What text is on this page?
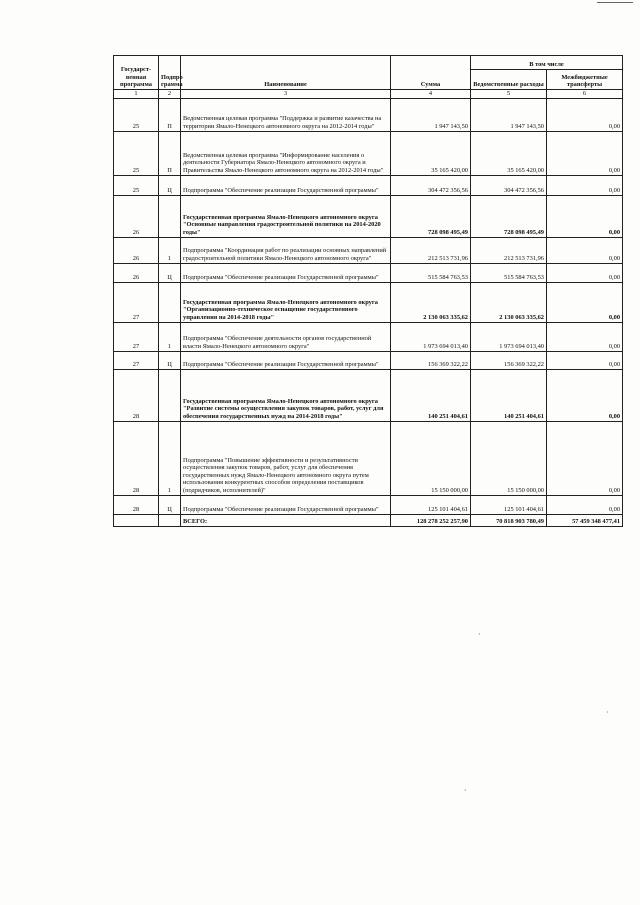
Государст-венная программа	Подпро грамма	Наименование	Сумма	В том числе	
				Ведомственные расходы	Межбюджетные трансферты
1	2	3	4	5	6
25	П	Ведомственная целевая программа "Поддержка и развитие казачества на территории Ямало-Ненецкого автономного округа на 2012-2014 годы"	1 947 143,50	1 947 143,50	0,00
25	П	Ведомственная целевая программа "Информирование населения о деятельности Губернатора Ямало-Ненецкого автономного округа и Правительства Ямало-Ненецкого автономного округа на 2012-2014 годы"	35 165 420,00	35 165 420,00	0,00
25	Ц	Подпрограмма "Обеспечение реализации Государственной программы"	304 472 356,56	304 472 356,56	0,00
26		Государственная программа Ямало-Ненецкого автономного округа "Основные направления градостроительной политики на 2014-2020 годы"	728 098 495,49	728 098 495,49	0,00
26	1	Подпрограмма "Координация работ по реализации основных направлений градостроительной политики Ямало-Ненецкого автономного округа"	212 513 731,96	212 513 731,96	0,00
26	Ц	Подпрограмма "Обеспечение реализации Государственной программы"	515 584 763,53	515 584 763,53	0,00
27		Государственная программа Ямало-Ненецкого автономного округа "Организационно-техническое оснащение государственного управления на 2014-2018 годы"	2 130 063 335,62	2 130 063 335,62	0,00
27	1	Подпрограмма "Обеспечение деятельности органов государственной власти Ямало-Ненецкого автономного округа"	1 973 694 013,40	1 973 694 013,40	0,00
27	Ц	Подпрограмма "Обеспечение реализации Государственной программы"	156 369 322,22	156 369 322,22	0,00
28		Государственная программа Ямало-Ненецкого автономного округа "Развитие системы осуществления закупок товаров, работ, услуг для обеспечения государственных нужд на 2014-2018 годы"	140 251 404,61	140 251 404,61	0,00
28	1	Подпрограмма "Повышение эффективности и результативности осуществления закупок товаров, работ, услуг для обеспечения государственных нужд Ямало-Ненецкого автономного округа путем использования конкурентных способов определения поставщиков (подрядчиков, исполнителей)"	15 150 000,00	15 150 000,00	0,00
28	Ц	Подпрограмма "Обеспечение реализации Государственной программы"	125 101 404,61	125 101 404,61	0,00
		ВСЕГО:	128 278 252 257,90	70 818 903 780,49	57 459 348 477,41
·
·
·
